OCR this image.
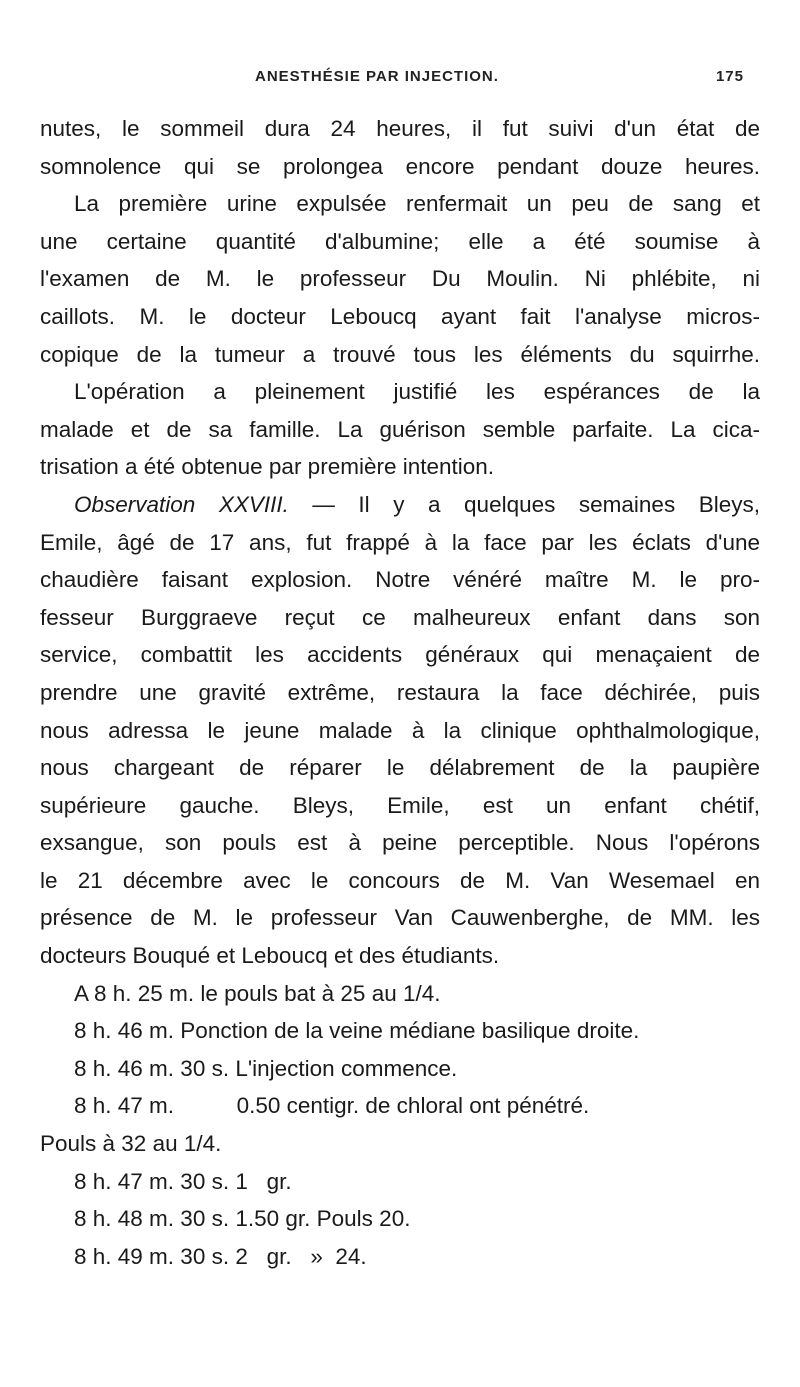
ANESTHÉSIE PAR INJECTION.	175
nutes, le sommeil dura 24 heures, il fut suivi d'un état de
somnolence qui se prolongea encore pendant douze heures.
La première urine expulsée renfermait un peu de sang et
une certaine quantité d'albumine; elle a été soumise à
l'examen de M. le professeur Du Moulin. Ni phlébite, ni
caillots. M. le docteur Leboucq ayant fait l'analyse micros-
copique de la tumeur a trouvé tous les éléments du squirrhe.
L'opération a pleinement justifié les espérances de la
malade et de sa famille. La guérison semble parfaite. La cica-
trisation a été obtenue par première intention.
Observation XXVIII. — Il y a quelques semaines Bleys,
Emile, âgé de 17 ans, fut frappé à la face par les éclats d'une
chaudière faisant explosion. Notre vénéré maître M. le pro-
fesseur Burggraeve reçut ce malheureux enfant dans son
service, combattit les accidents généraux qui menaçaient de
prendre une gravité extrême, restaura la face déchirée, puis
nous adressa le jeune malade à la clinique ophthalmologique,
nous chargeant de réparer le délabrement de la paupière
supérieure gauche. Bleys, Emile, est un enfant chétif,
exsangue, son pouls est à peine perceptible. Nous l'opérons
le 21 décembre avec le concours de M. Van Wesemael en
présence de M. le professeur Van Cauwenberghe, de MM. les
docteurs Bouqué et Leboucq et des étudiants.
A 8 h. 25 m. le pouls bat à 25 au 1/4.
8 h. 46 m. Ponction de la veine médiane basilique droite.
8 h. 46 m. 30 s. L'injection commence.
8 h. 47 m.          0.50 centigr. de chloral ont pénétré.
Pouls à 32 au 1/4.
8 h. 47 m. 30 s. 1   gr.
8 h. 48 m. 30 s. 1.50 gr. Pouls 20.
8 h. 49 m. 30 s. 2   gr.   »  24.
